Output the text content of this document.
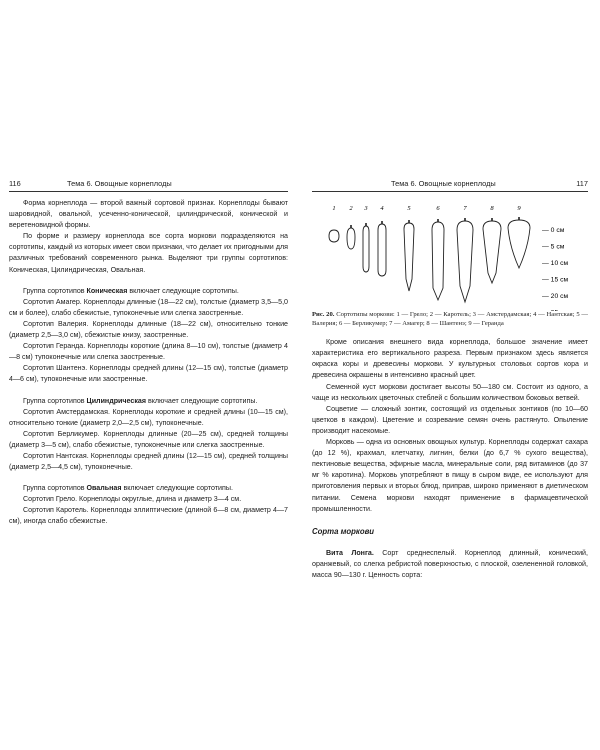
116	Тема 6. Овощные корнеплоды

Форма корнеплода — второй важный сортовой признак. Корнеплоды бывают шаровидной, овальной, усеченно-коничеcкой, цилиндрической, конической и веретеновидной формы.

По форме и размеру корнеплода все сорта моркови подразделяются на сортотипы, каждый из которых имеет свои признаки, что делает их пригодными для различных требований современного рынка. Выделяют три группы сортотипов: Коническая, Цилиндрическая, Овальная.

Группа сортотипов Коническая включает следующие сортотипы.

Сортотип Амагер. Корнеплоды длинные (18—22 см), толстые (диаметр 3,5—5,0 см и более), слабо сбежистые, тупоконечные или слегка заостренные.

Сортотип Валерия. Корнеплоды длинные (18—22 см), относительно тонкие (диаметр 2,5—3,0 см), сбежистые книзу, заостренные.

Сортотип Геранда. Корнеплоды короткие (длина 8—10 см), толстые (диаметр 4—8 см) тупоконечные или слегка заостренные.

Сортотип Шантенэ. Корнеплоды средней длины (12—15 см), толстые (диаметр 4—6 см), тупоконечные или заостренные.

Группа сортотипов Цилиндрическая включает следующие сортотипы.

Сортотип Амстердамская. Корнеплоды короткие и средней длины (10—15 см), относительно тонкие (диаметр 2,0—2,5 см), тупоконечные.

Сортотип Берликумер. Корнеплоды длинные (20—25 см), средней толщины (диаметр 3—5 см), слабо сбежистые, тупоконечные или слегка заостренные.

Сортотип Нантская. Корнеплоды средней длины (12—15 см), средней толщины (диаметр 2,5—4,5 см), тупоконечные.

Группа сортотипов Овальная включает следующие сортотипы.

Сортотип Грело. Корнеплоды округлые, длина и диаметр 3—4 см.

Сортотип Каротель. Корнеплоды эллиптические (длиной 6—8 см, диаметр 4—7 см), иногда слабо сбежистые.

Тема 6. Овощные корнеплоды	117
1 2 3 4	5	6	7	8	9
— 0 см
— 5 см
— 10 см
— 15 см
— 20 см
Рис. 20. Сортотипы моркови: 1 — Грело; 2 — Каротель; 3 — Амстердамская; 4 — Нантская; 5 — Валерия; 6 — Берликумер; 7 — Амагер; 8 — Шантенэ; 9 — Геранда

Кроме описания внешнего вида корнеплода, большое значение имеет характеристика его вертикального разреза. Первым признаком здесь является окраска коры и древесины моркови. У культурных столовых сортов кора и древесина окрашены в интенсивно красный цвет.

Семенной куст моркови достигает высоты 50—180 см. Состоит из одного, а чаще из нескольких цветочных стеблей с большим количеством боковых ветвей.

Соцветие — сложный зонтик, состоящий из отдельных зонтиков (по 10—60 цветков в каждом). Цветение и созревание семян очень растянуто. Опыление производит насекомые.

Морковь — одна из основных овощных культур. Корнеплоды содержат сахара (до 12 %), крахмал, клетчатку, лигнин, белки (до 6,7 % сухого вещества), пектиновые вещества, эфирные масла, минеральные соли, ряд витаминов (до 37 мг % каротина). Морковь употребляют в пищу в сыром виде, ее используют для приготовления первых и вторых блюд, приправ, широко применяют в диетическом питании. Семена моркови находят применение в фармацевтической промышленности.

Сорта моркови

Вита Лонга. Сорт среднеспелый. Корнеплод длинный, конический, оранжевый, со слегка ребристой поверхностью, с плоской, озелененной головкой, масса 90—130 г. Ценность сорта:
